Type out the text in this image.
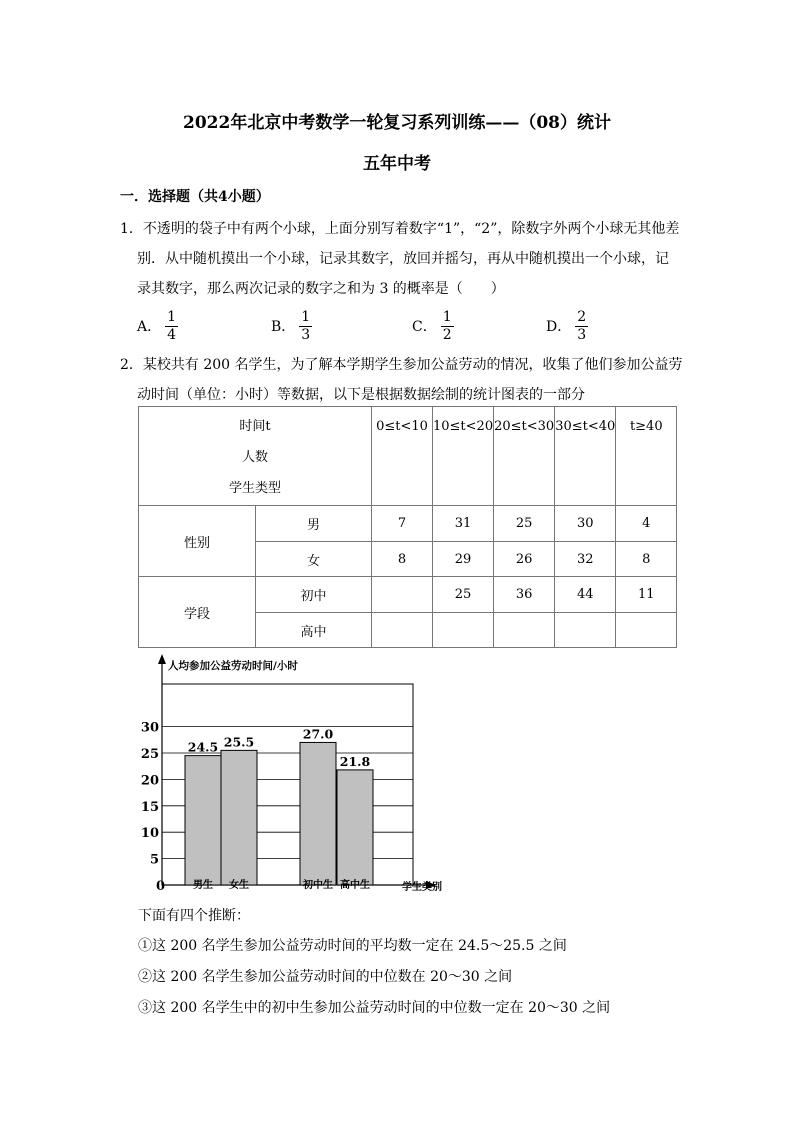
2022年北京中考数学一轮复习系列训练——（08）统计
五年中考
一．选择题（共4小题）
1．不透明的袋子中有两个小球，上面分别写着数字“1”，“2”，除数字外两个小球无其他差
别．从中随机摸出一个小球，记录其数字，放回并摇匀，再从中随机摸出一个小球，记
录其数字，那么两次记录的数字之和为 3 的概率是（　　）
A． $\frac{1}{4}$	B． $\frac{1}{3}$	C． $\frac{1}{2}$	D． $\frac{2}{3}$
2．某校共有 200 名学生，为了解本学期学生参加公益劳动的情况，收集了他们参加公益劳
动时间（单位：小时）等数据，以下是根据数据绘制的统计图表的一部分
时间t
人数
学生类型		0≤t<10	10≤t<20	20≤t<30	30≤t<40	t≥40
性别	男	7	31	25	30	4
	女	8	29	26	32	8
学段	初中		25	36	44	11
	高中					
人均参加公益劳动时间/小时
学生类别
0
5
10
15
20
25
30
24.5
男生
25.5
女生
27.0
初中生
21.8
高中生
下面有四个推断：
①这 200 名学生参加公益劳动时间的平均数一定在 24.5～25.5 之间
②这 200 名学生参加公益劳动时间的中位数在 20～30 之间
③这 200 名学生中的初中生参加公益劳动时间的中位数一定在 20～30 之间
